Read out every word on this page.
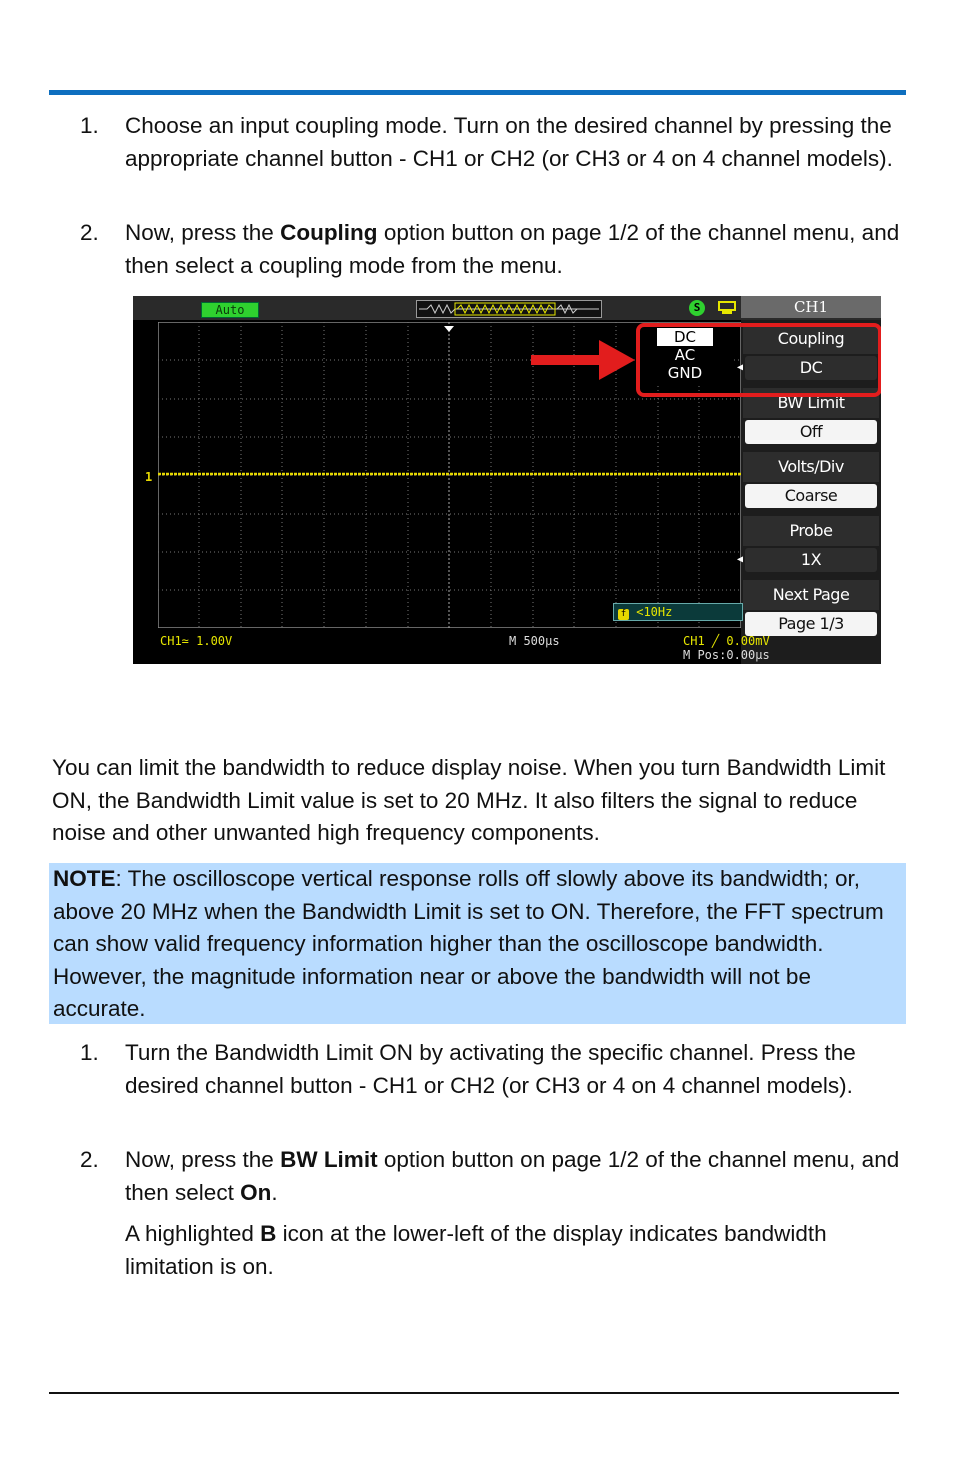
1. Choose an input coupling mode. Turn on the desired channel by pressing the appropriate channel button - CH1 or CH2 (or CH3 or 4 on 4 channel models).
2. Now, press the Coupling option button on page 1/2 of the channel menu, and then select a coupling mode from the menu.
Auto	S	CH1
1
Coupling
DC
◀
BW Limit
Off
Volts/Div
Coarse
Probe
1X
◀
Next Page
Page 1/3
DC
AC
GND
f <10Hz
CH1≃ 1.00V	M 500μs	CH1 ╱ 0.00mV
M Pos:0.00μs
You can limit the bandwidth to reduce display noise. When you turn Bandwidth Limit ON, the Bandwidth Limit value is set to 20 MHz. It also filters the signal to reduce noise and other unwanted high frequency components.
NOTE: The oscilloscope vertical response rolls off slowly above its bandwidth; or, above 20 MHz when the Bandwidth Limit is set to ON. Therefore, the FFT spectrum can show valid frequency information higher than the oscilloscope bandwidth. However, the magnitude information near or above the bandwidth will not be accurate.
1. Turn the Bandwidth Limit ON by activating the specific channel. Press the desired channel button - CH1 or CH2 (or CH3 or 4 on 4 channel models).
2. Now, press the BW Limit option button on page 1/2 of the channel menu, and then select On.
A highlighted B icon at the lower-left of the display indicates bandwidth limitation is on.
